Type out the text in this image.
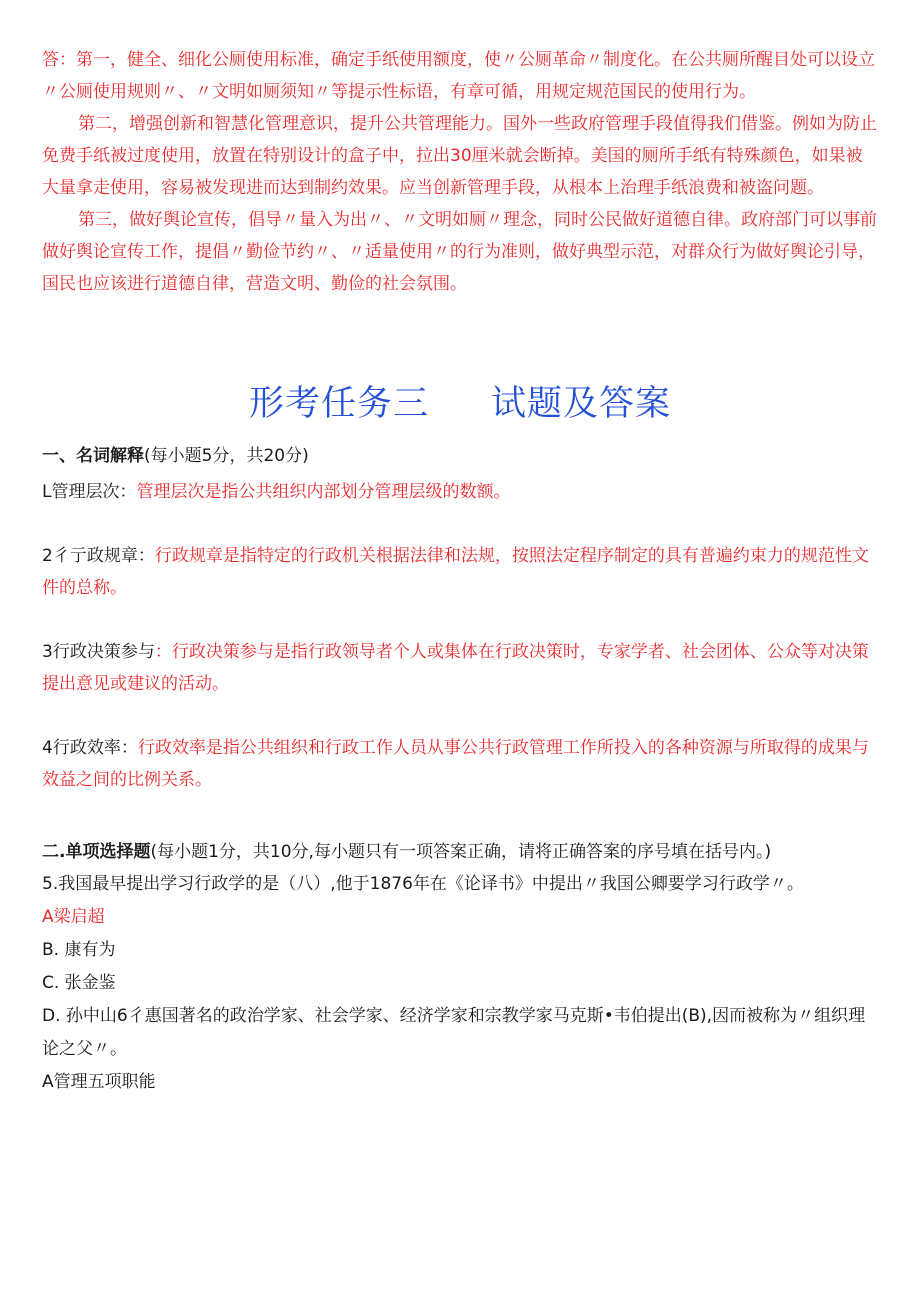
答：第一，健全、细化公厕使用标准，确定手纸使用额度，使〃公厕革命〃制度化。在公共厕所醒目处可以设立〃公厕使用规则〃、〃文明如厕须知〃等提示性标语，有章可循，用规定规范国民的使用行为。

第二，增强创新和智慧化管理意识，提升公共管理能力。国外一些政府管理手段值得我们借鉴。例如为防止免费手纸被过度使用，放置在特别设计的盒子中，拉出30厘米就会断掉。美国的厕所手纸有特殊颜色，如果被大量拿走使用，容易被发现进而达到制约效果。应当创新管理手段，从根本上治理手纸浪费和被盗问题。

第三，做好舆论宣传，倡导〃量入为出〃、〃文明如厕〃理念，同时公民做好道德自律。政府部门可以事前做好舆论宣传工作，提倡〃勤俭节约〃、〃适量使用〃的行为准则，做好典型示范，对群众行为做好舆论引导，国民也应该进行道德自律，营造文明、勤俭的社会氛围。

形考任务三 试题及答案

一、名词解释(每小题5分，共20分)

L管理层次：管理层次是指公共组织内部划分管理层级的数额。

2彳亍政规章：行政规章是指特定的行政机关根据法律和法规，按照法定程序制定的具有普遍约束力的规范性文件的总称。

3行政决策参与：行政决策参与是指行政领导者个人或集体在行政决策时，专家学者、社会团体、公众等对决策提出意见或建议的活动。

4行政效率：行政效率是指公共组织和行政工作人员从事公共行政管理工作所投入的各种资源与所取得的成果与效益之间的比例关系。

二.单项选择题(每小题1分，共10分,每小题只有一项答案正确，请将正确答案的序号填在括号内。)

5.我国最早提出学习行政学的是（八）,他于1876年在《论译书》中提出〃我国公卿要学习行政学〃。

A梁启超

B. 康有为

C. 张金鉴

D. 孙中山6彳惠国著名的政治学家、社会学家、经济学家和宗教学家马克斯•韦伯提出(B),因而被称为〃组织理论之父〃。

A管理五项职能
